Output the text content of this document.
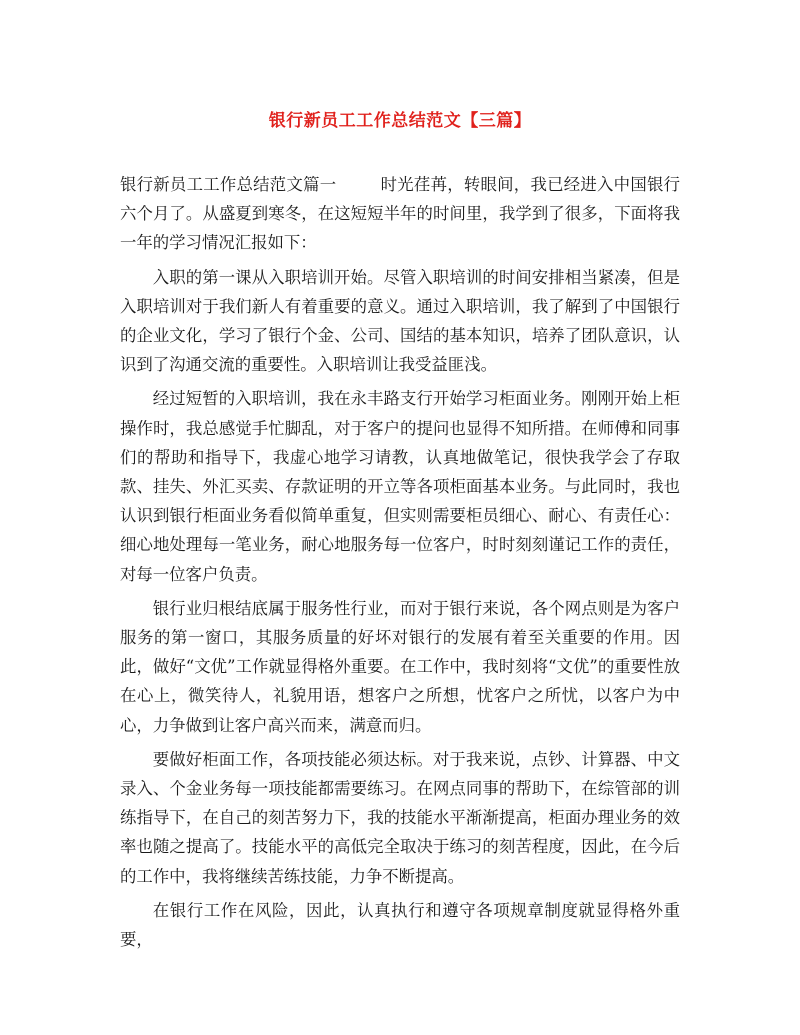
银行新员工工作总结范文【三篇】

银行新员工工作总结范文篇一	时光荏苒，转眼间，我已经进入中国银行六个月了。从盛夏到寒冬，在这短短半年的时间里，我学到了很多，下面将我一年的学习情况汇报如下：

入职的第一课从入职培训开始。尽管入职培训的时间安排相当紧凑，但是入职培训对于我们新人有着重要的意义。通过入职培训，我了解到了中国银行的企业文化，学习了银行个金、公司、国结的基本知识，培养了团队意识，认识到了沟通交流的重要性。入职培训让我受益匪浅。

经过短暂的入职培训，我在永丰路支行开始学习柜面业务。刚刚开始上柜操作时，我总感觉手忙脚乱，对于客户的提问也显得不知所措。在师傅和同事们的帮助和指导下，我虚心地学习请教，认真地做笔记，很快我学会了存取款、挂失、外汇买卖、存款证明的开立等各项柜面基本业务。与此同时，我也认识到银行柜面业务看似简单重复，但实则需要柜员细心、耐心、有责任心：细心地处理每一笔业务，耐心地服务每一位客户，时时刻刻谨记工作的责任，对每一位客户负责。

银行业归根结底属于服务性行业，而对于银行来说，各个网点则是为客户服务的第一窗口，其服务质量的好坏对银行的发展有着至关重要的作用。因此，做好“文优”工作就显得格外重要。在工作中，我时刻将“文优”的重要性放在心上，微笑待人，礼貌用语，想客户之所想，忧客户之所忧，以客户为中心，力争做到让客户高兴而来，满意而归。

要做好柜面工作，各项技能必须达标。对于我来说，点钞、计算器、中文录入、个金业务每一项技能都需要练习。在网点同事的帮助下，在综管部的训练指导下，在自己的刻苦努力下，我的技能水平渐渐提高，柜面办理业务的效率也随之提高了。技能水平的高低完全取决于练习的刻苦程度，因此，在今后的工作中，我将继续苦练技能，力争不断提高。

在银行工作在风险，因此，认真执行和遵守各项规章制度就显得格外重要，
